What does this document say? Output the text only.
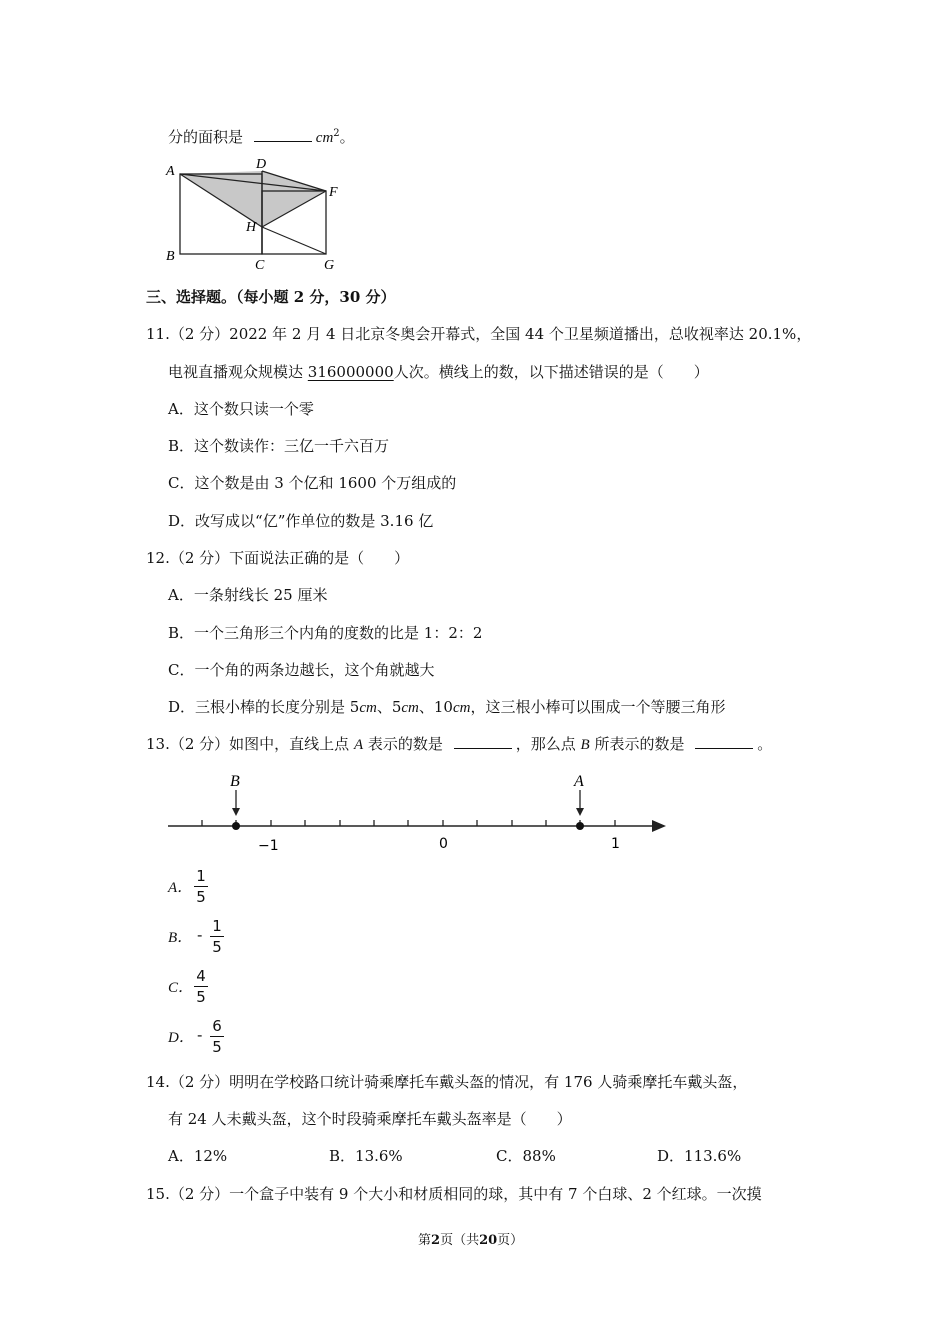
分的面积是	$cm^2$。
A	D
F
H
B
C	G
三、选择题。（每小题 2 分，30 分）
11.（2 分）2022 年 2 月 4 日北京冬奥会开幕式，全国 44 个卫星频道播出，总收视率达 20.1%，
电视直播观众规模达 316000000人次。横线上的数，以下描述错误的是（　　）
A．这个数只读一个零
B．这个数读作：三亿一千六百万
C．这个数是由 3 个亿和 1600 个万组成的
D．改写成以“亿”作单位的数是 3.16 亿
12.（2 分）下面说法正确的是（　　）
A．一条射线长 25 厘米
B．一个三角形三个内角的度数的比是 1：2：2
C．一个角的两条边越长，这个角就越大
D．三根小棒的长度分别是 5cm、5cm、10cm，这三根小棒可以围成一个等腰三角形
13.（2 分）如图中，直线上点 A 表示的数是	，那么点 B 所表示的数是	。
B	A
−1	0	1
A．
1
5
B． - 1
5
C．
4
5
D． - 6
5
14.（2 分）明明在学校路口统计骑乘摩托车戴头盔的情况，有 176 人骑乘摩托车戴头盔，
有 24 人未戴头盔，这个时段骑乘摩托车戴头盔率是（　　）
A．12%	B．13.6%	C．88%	D．113.6%
15.（2 分）一个盒子中装有 9 个大小和材质相同的球，其中有 7 个白球、2 个红球。一次摸
第2页（共20页）
